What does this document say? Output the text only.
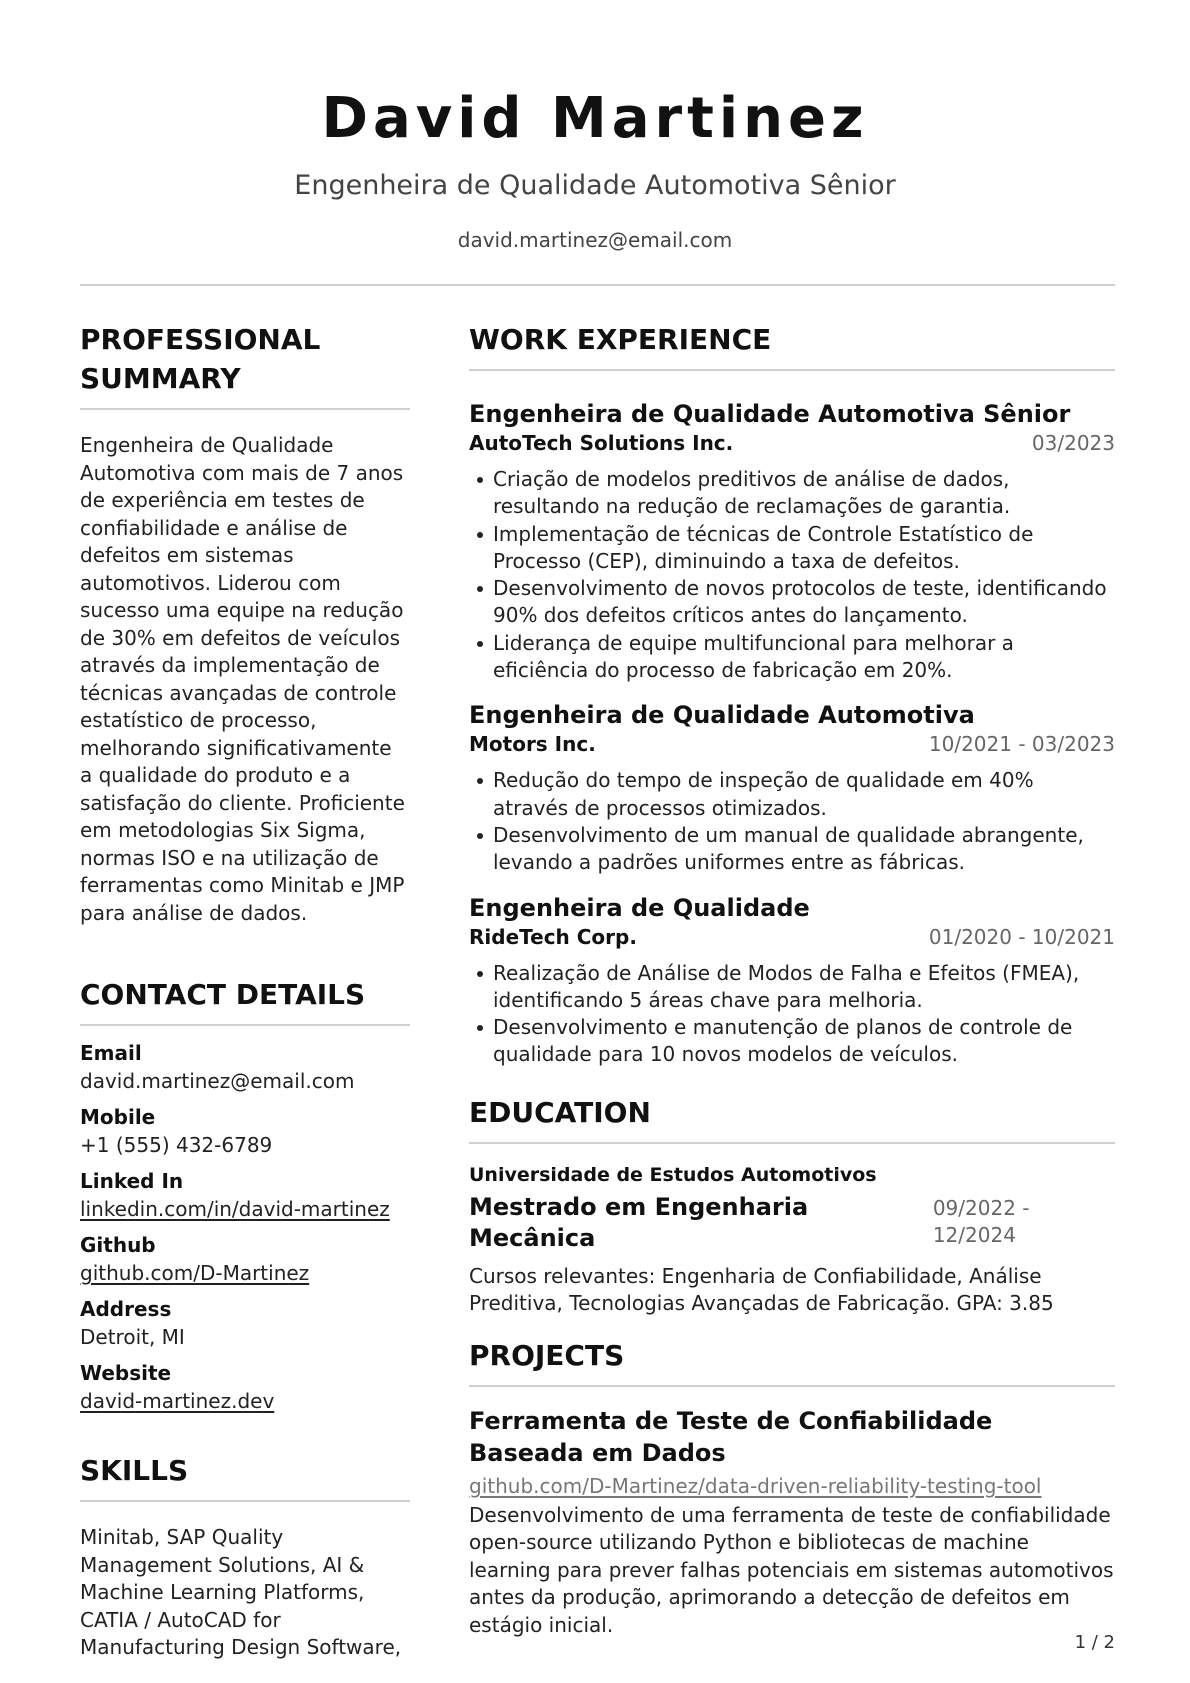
David Martinez
Engenheira de Qualidade Automotiva Sênior
david.martinez@email.com
PROFESSIONAL SUMMARY
Engenheira de Qualidade Automotiva com mais de 7 anos de experiência em testes de confiabilidade e análise de defeitos em sistemas automotivos. Liderou com sucesso uma equipe na redução de 30% em defeitos de veículos através da implementação de técnicas avançadas de controle estatístico de processo, melhorando significativamente a qualidade do produto e a satisfação do cliente. Proficiente em metodologias Six Sigma, normas ISO e na utilização de ferramentas como Minitab e JMP para análise de dados.
CONTACT DETAILS
Email
david.martinez@email.com
Mobile
+1 (555) 432-6789
Linked In
linkedin.com/in/david-martinez
Github
github.com/D-Martinez
Address
Detroit, MI
Website
david-martinez.dev
SKILLS
Minitab, SAP Quality Management Solutions, AI & Machine Learning Platforms, CATIA / AutoCAD for Manufacturing Design Software,
WORK EXPERIENCE
Engenheira de Qualidade Automotiva Sênior
AutoTech Solutions Inc.	03/2023
Criação de modelos preditivos de análise de dados, resultando na redução de reclamações de garantia.
Implementação de técnicas de Controle Estatístico de Processo (CEP), diminuindo a taxa de defeitos.
Desenvolvimento de novos protocolos de teste, identificando 90% dos defeitos críticos antes do lançamento.
Liderança de equipe multifuncional para melhorar a eficiência do processo de fabricação em 20%.
Engenheira de Qualidade Automotiva
Motors Inc.	10/2021 - 03/2023
Redução do tempo de inspeção de qualidade em 40% através de processos otimizados.
Desenvolvimento de um manual de qualidade abrangente, levando a padrões uniformes entre as fábricas.
Engenheira de Qualidade
RideTech Corp.	01/2020 - 10/2021
Realização de Análise de Modos de Falha e Efeitos (FMEA), identificando 5 áreas chave para melhoria.
Desenvolvimento e manutenção de planos de controle de qualidade para 10 novos modelos de veículos.
EDUCATION
Universidade de Estudos Automotivos
Mestrado em Engenharia Mecânica
09/2022 - 12/2024
Cursos relevantes: Engenharia de Confiabilidade, Análise Preditiva, Tecnologias Avançadas de Fabricação. GPA: 3.85
PROJECTS
Ferramenta de Teste de Confiabilidade Baseada em Dados
github.com/D-Martinez/data-driven-reliability-testing-tool
Desenvolvimento de uma ferramenta de teste de confiabilidade open-source utilizando Python e bibliotecas de machine learning para prever falhas potenciais em sistemas automotivos antes da produção, aprimorando a detecção de defeitos em estágio inicial.
1 / 2
